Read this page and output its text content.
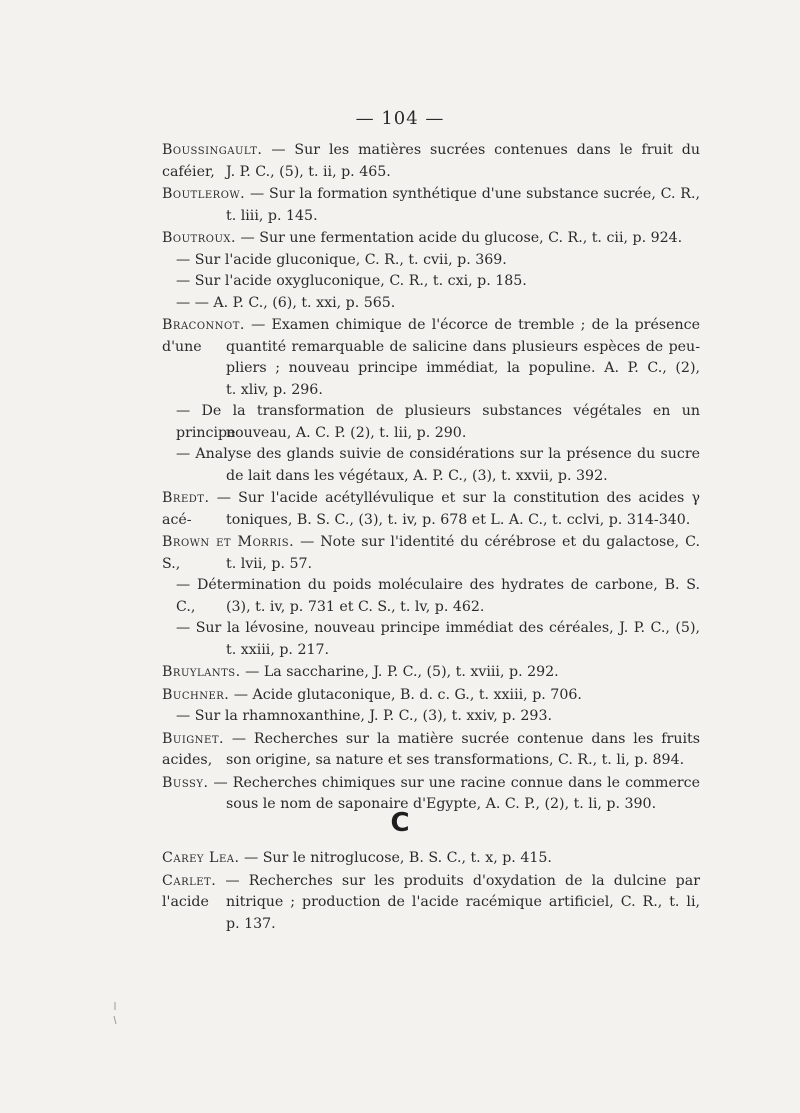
— 104 —
Boussingault. — Sur les matières sucrées contenues dans le fruit du caféier, J. P. C., (5), t. ii, p. 465.
Boutlerow. — Sur la formation synthétique d'une substance sucrée, C. R.,
t. liii, p. 145.
Boutroux. — Sur une fermentation acide du glucose, C. R., t. cii, p. 924.
— Sur l'acide gluconique, C. R., t. cvii, p. 369.
— Sur l'acide oxygluconique, C. R., t. cxi, p. 185.
— — A. P. C., (6), t. xxi, p. 565.
Braconnot. — Examen chimique de l'écorce de tremble ; de la présence d'une	quantité remarquable de salicine dans plusieurs espèces de peu-
pliers ; nouveau principe immédiat, la populine. A. P. C., (2),
t. xliv, p. 296.
— De la transformation de plusieurs substances végétales en un principe
nouveau, A. C. P. (2), t. lii, p. 290.
— Analyse des glands suivie de considérations sur la présence du sucre
de lait dans les végétaux, A. P. C., (3), t. xxvii, p. 392.
Bredt. — Sur l'acide acétyllévulique et sur la constitution des acides γ acé-	toniques, B. S. C., (3), t. iv, p. 678 et L. A. C., t. cclvi, p. 314-340.
Brown et Morris. — Note sur l'identité du cérébrose et du galactose, C. S.,	t. lvii, p. 57.
— Détermination du poids moléculaire des hydrates de carbone, B. S. C.,	(3), t. iv, p. 731 et C. S., t. lv, p. 462.
— Sur la lévosine, nouveau principe immédiat des céréales, J. P. C., (5),
t. xxiii, p. 217.
Bruylants. — La saccharine, J. P. C., (5), t. xviii, p. 292.
Buchner. — Acide glutaconique, B. d. c. G., t. xxiii, p. 706.
— Sur la rhamnoxanthine, J. P. C., (3), t. xxiv, p. 293.
Buignet. — Recherches sur la matière sucrée contenue dans les fruits acides, son origine, sa nature et ses transformations, C. R., t. li, p. 894.
Bussy. — Recherches chimiques sur une racine connue dans le commerce
sous le nom de saponaire d'Egypte, A. C. P., (2), t. li, p. 390.
C
Carey Lea. — Sur le nitroglucose, B. S. C., t. x, p. 415.
Carlet. — Recherches sur les produits d'oxydation de la dulcine par l'acide	nitrique ; production de l'acide racémique artificiel, C. R., t. li,
p. 137.
